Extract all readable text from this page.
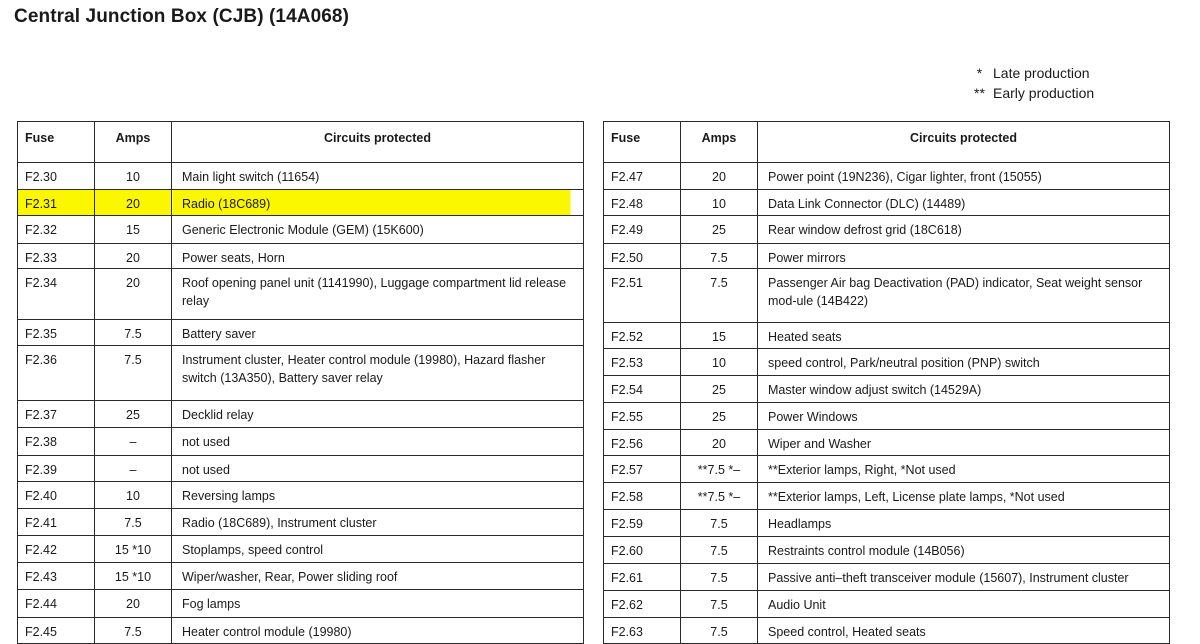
Central Junction Box (CJB) (14A068)
* Late production
** Early production
Fuse	Amps	Circuits protected
F2.30	10	Main light switch (11654)
F2.31	20	Radio (18C689)
F2.32	15	Generic Electronic Module (GEM) (15K600)
F2.33	20	Power seats, Horn
F2.34	20	Roof opening panel unit (1141990), Luggage compartment lid release relay
F2.35	7.5	Battery saver
F2.36	7.5	Instrument cluster, Heater control module (19980), Hazard flasher switch (13A350), Battery saver relay
F2.37	25	Decklid relay
F2.38	–	not used
F2.39	–	not used
F2.40	10	Reversing lamps
F2.41	7.5	Radio (18C689), Instrument cluster
F2.42	15 *10	Stoplamps, speed control
F2.43	15 *10	Wiper/washer, Rear, Power sliding roof
F2.44	20	Fog lamps
F2.45	7.5	Heater control module (19980)
Fuse	Amps	Circuits protected
F2.47	20	Power point (19N236), Cigar lighter, front (15055)
F2.48	10	Data Link Connector (DLC) (14489)
F2.49	25	Rear window defrost grid (18C618)
F2.50	7.5	Power mirrors
F2.51	7.5	Passenger Air bag Deactivation (PAD) indicator, Seat weight sensor mod-ule (14B422)
F2.52	15	Heated seats
F2.53	10	speed control, Park/neutral position (PNP) switch
F2.54	25	Master window adjust switch (14529A)
F2.55	25	Power Windows
F2.56	20	Wiper and Washer
F2.57	**7.5 *–	**Exterior lamps, Right, *Not used
F2.58	**7.5 *–	**Exterior lamps, Left, License plate lamps, *Not used
F2.59	7.5	Headlamps
F2.60	7.5	Restraints control module (14B056)
F2.61	7.5	Passive anti–theft transceiver module (15607), Instrument cluster
F2.62	7.5	Audio Unit
F2.63	7.5	Speed control, Heated seats
